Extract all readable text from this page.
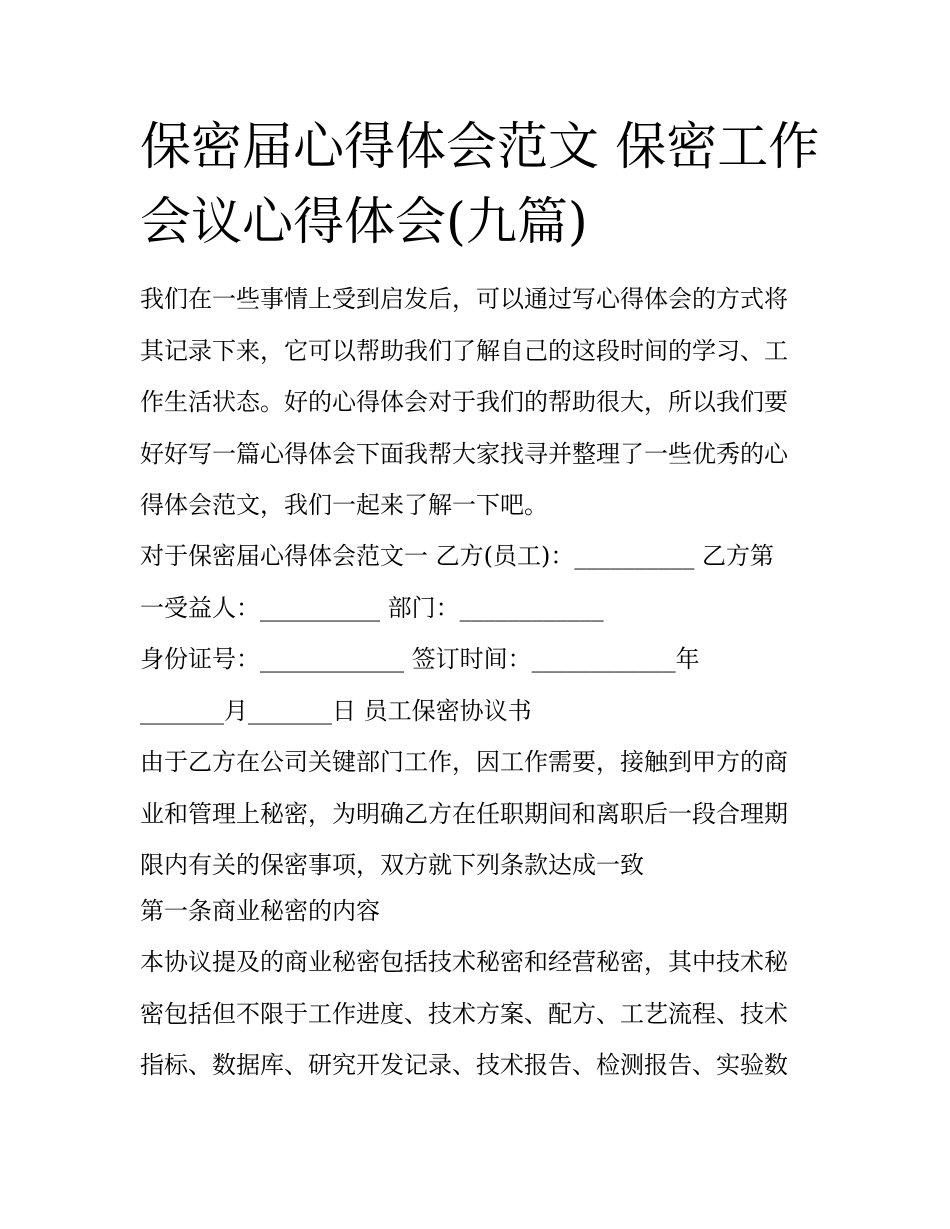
保密届心得体会范文 保密工作
会议心得体会(九篇)
我们在一些事情上受到启发后，可以通过写心得体会的方式将
其记录下来，它可以帮助我们了解自己的这段时间的学习、工
作生活状态。好的心得体会对于我们的帮助很大，所以我们要
好好写一篇心得体会下面我帮大家找寻并整理了一些优秀的心
得体会范文，我们一起来了解一下吧。
对于保密届心得体会范文一 乙方(员工)：__________ 乙方第
一受益人：__________ 部门：____________
身份证号：____________ 签订时间：____________年
_______月_______日 员工保密协议书
由于乙方在公司关键部门工作，因工作需要，接触到甲方的商
业和管理上秘密，为明确乙方在任职期间和离职后一段合理期
限内有关的保密事项，双方就下列条款达成一致
第一条商业秘密的内容
本协议提及的商业秘密包括技术秘密和经营秘密，其中技术秘
密包括但不限于工作进度、技术方案、配方、工艺流程、技术
指标、数据库、研究开发记录、技术报告、检测报告、实验数
